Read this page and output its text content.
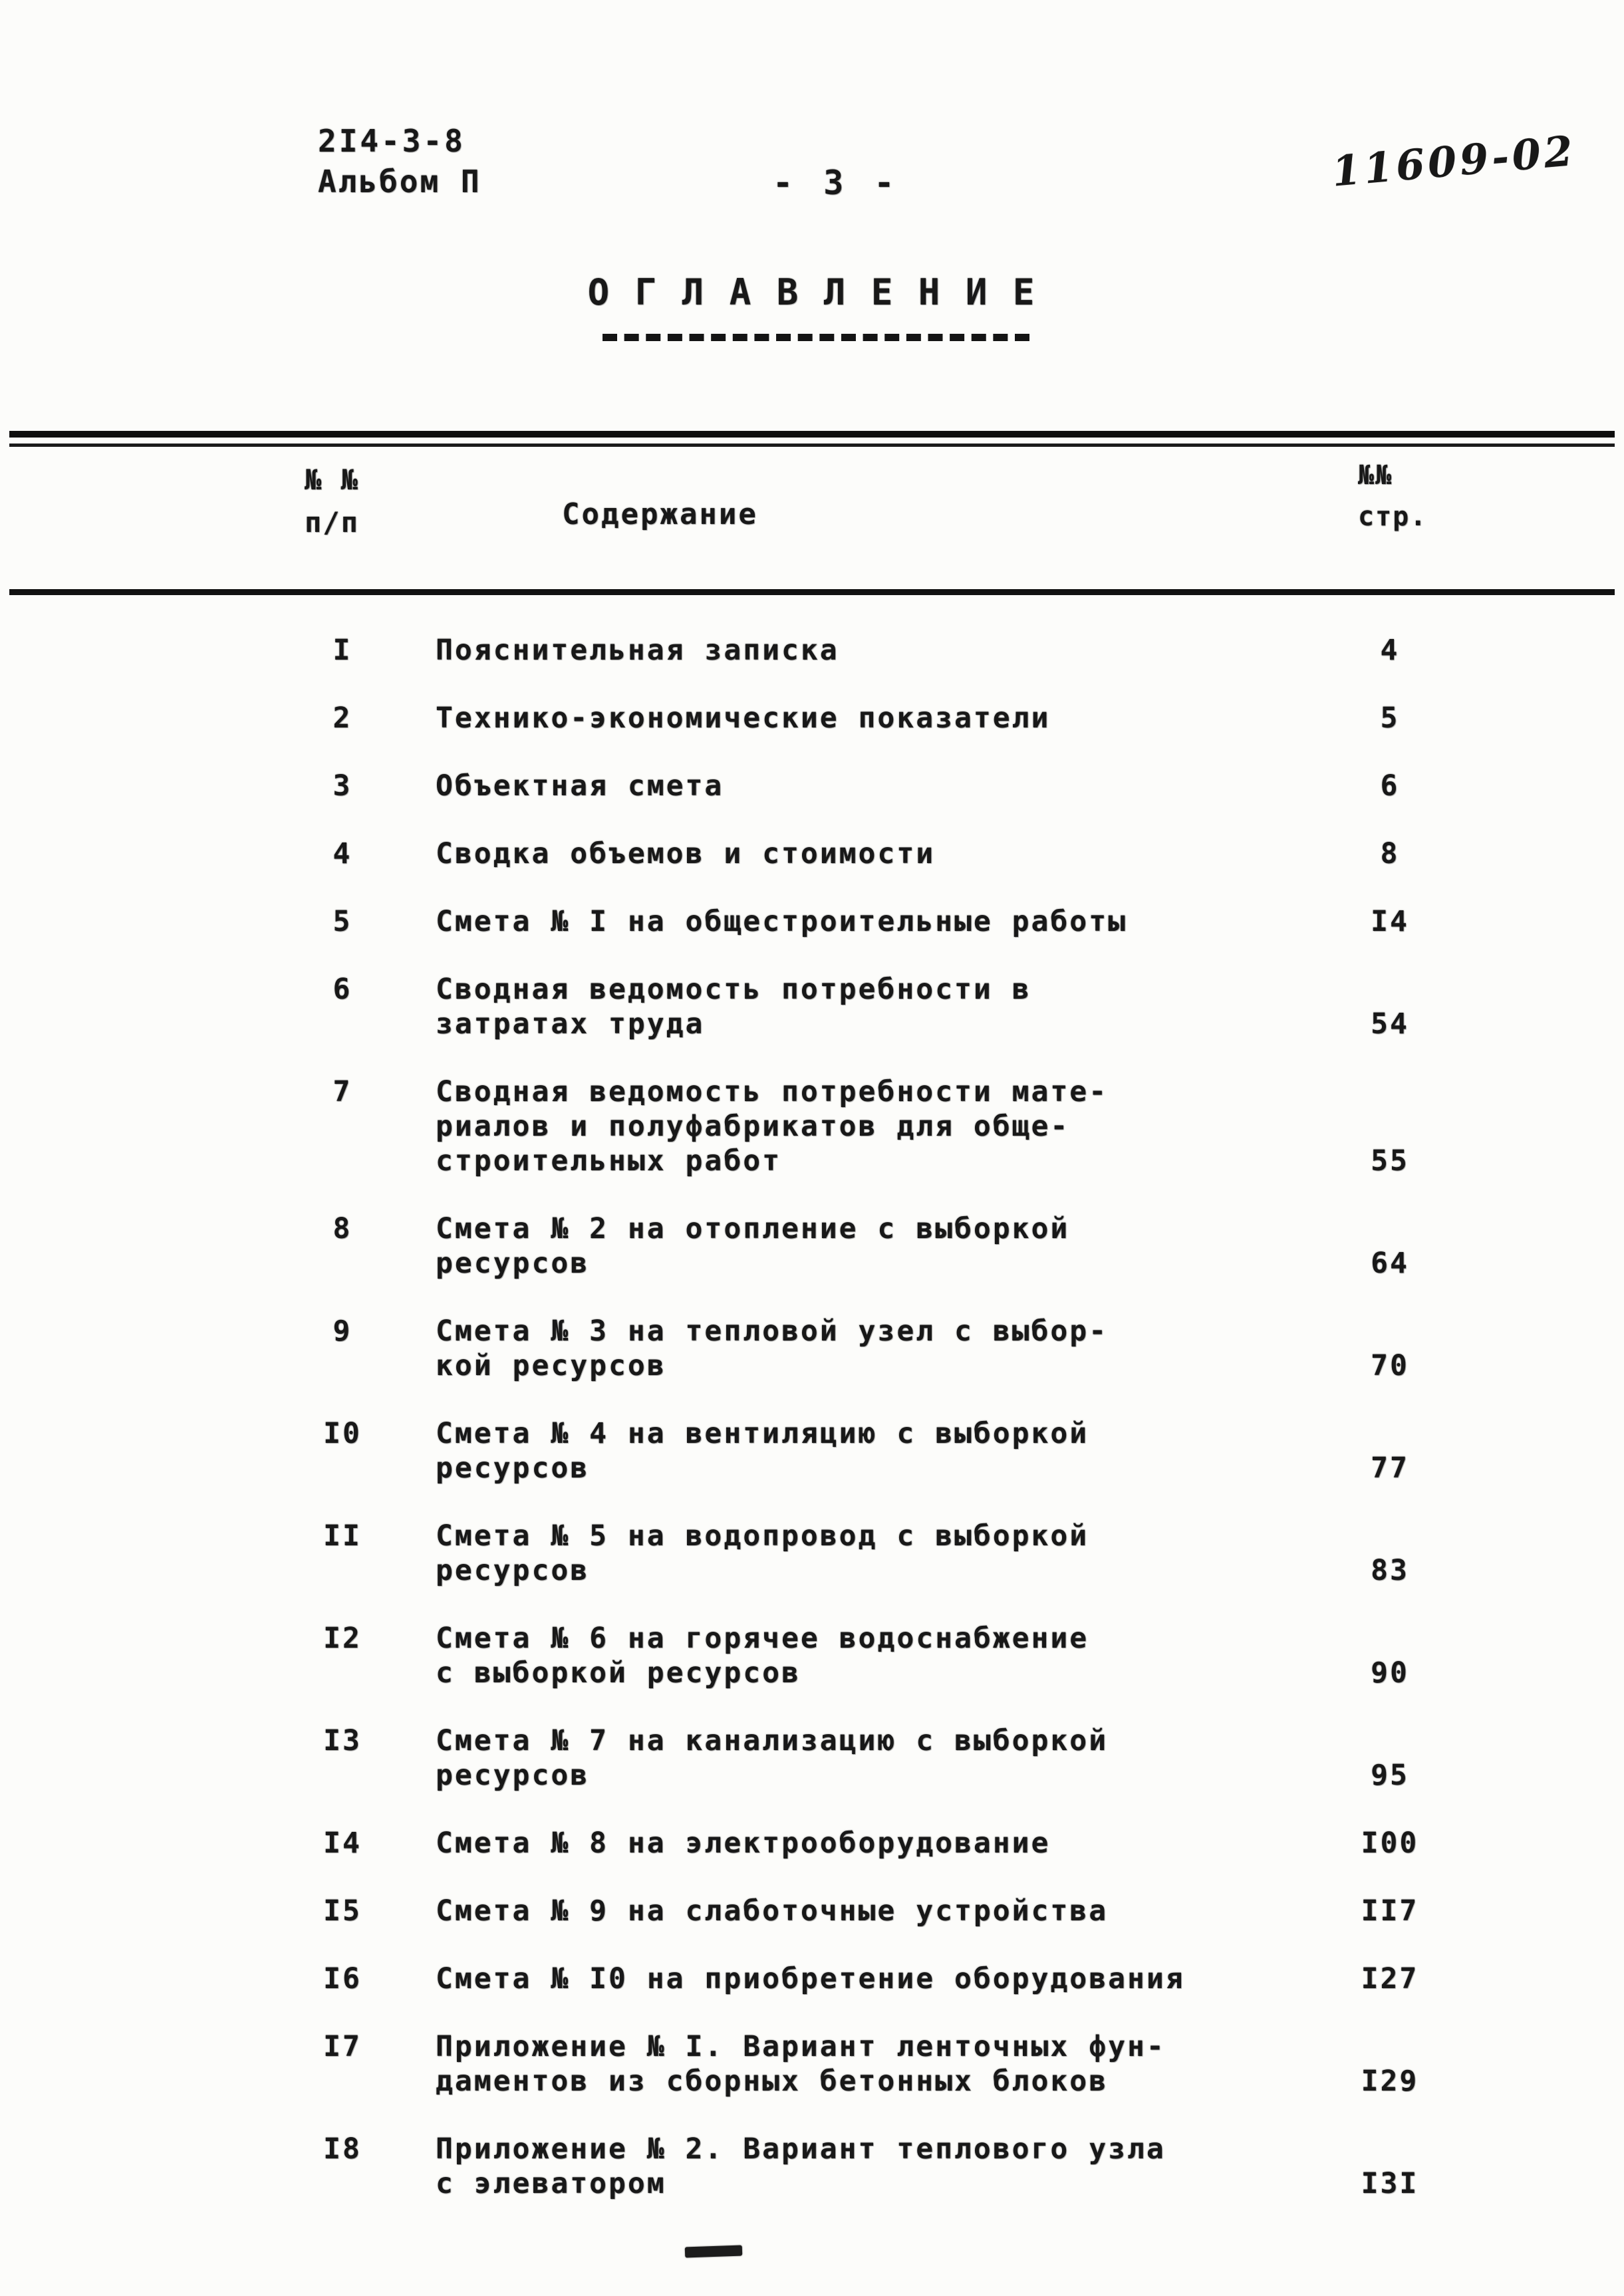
2I4-3-8
Альбом П	- 3 -	11609-02
О Г Л А В Л Е Н И Е
№ №
п/п	Содержание
№№
стр.
I	Пояснительная записка	4
2	Технико-экономические показатели	5
3	Объектная смета	6
4	Сводка объемов и стоимости	8
5	Смета № I на общестроительные работы	I4
6	Сводная ведомость потребности в
затратах труда	54
7	Сводная ведомость потребности мате-
риалов и полуфабрикатов для обще-
строительных работ	55
8	Смета № 2 на отопление с выборкой
ресурсов	64
9	Смета № 3 на тепловой узел с выбор-
кой ресурсов	70
I0	Смета № 4 на вентиляцию с выборкой
ресурсов	77
II	Смета № 5 на водопровод с выборкой
ресурсов	83
I2	Смета № 6 на горячее водоснабжение
с выборкой ресурсов	90
I3	Смета № 7 на канализацию с выборкой
ресурсов	95
I4	Смета № 8 на электрооборудование	I00
I5	Смета № 9 на слаботочные устройства	II7
I6	Смета № I0 на приобретение оборудования	I27
I7	Приложение № I. Вариант ленточных фун-
даментов из сборных бетонных блоков	I29
I8	Приложение № 2. Вариант теплового узла
с элеватором	I3I
